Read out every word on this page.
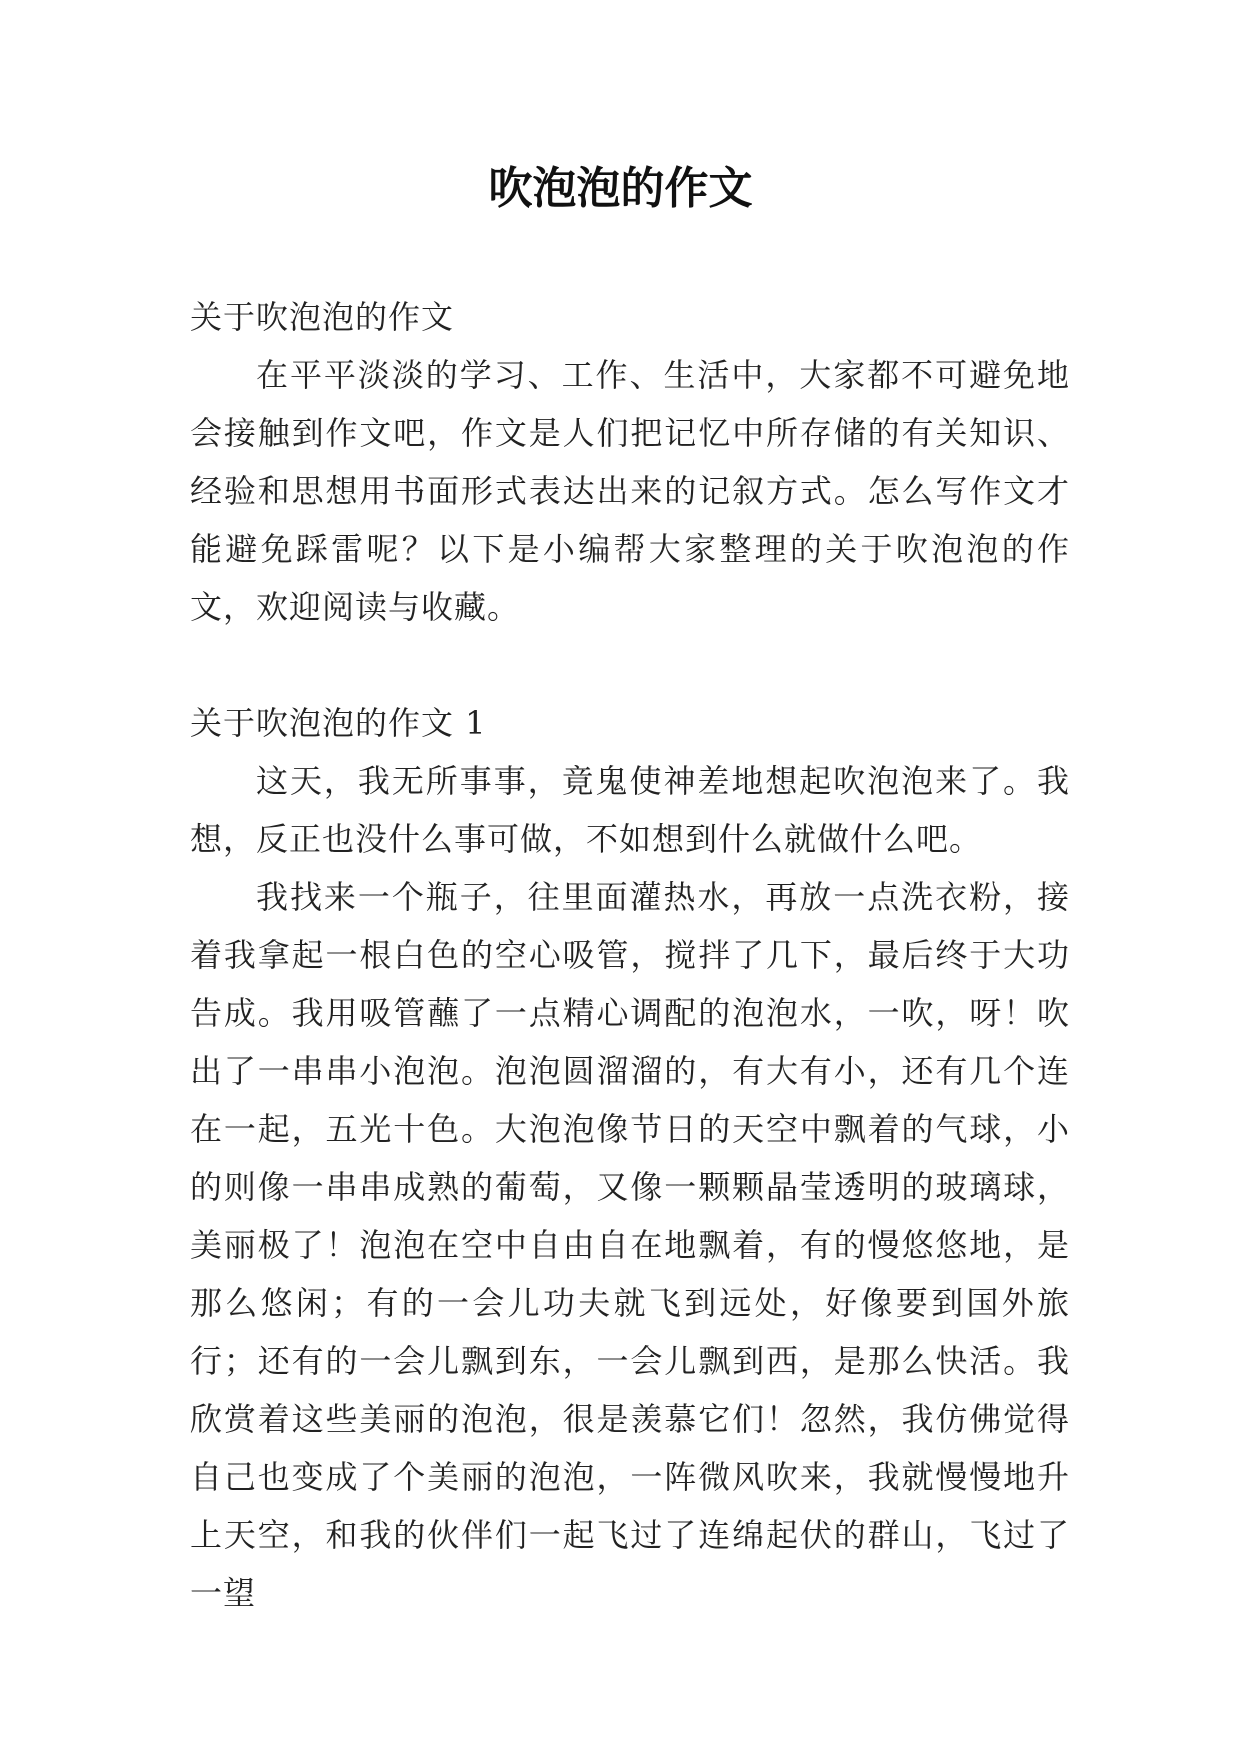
吹泡泡的作文

关于吹泡泡的作文

在平平淡淡的学习、工作、生活中，大家都不可避免地会接触到作文吧，作文是人们把记忆中所存储的有关知识、经验和思想用书面形式表达出来的记叙方式。怎么写作文才能避免踩雷呢？以下是小编帮大家整理的关于吹泡泡的作文，欢迎阅读与收藏。

关于吹泡泡的作文 1

这天，我无所事事，竟鬼使神差地想起吹泡泡来了。我想，反正也没什么事可做，不如想到什么就做什么吧。

我找来一个瓶子，往里面灌热水，再放一点洗衣粉，接着我拿起一根白色的空心吸管，搅拌了几下，最后终于大功告成。我用吸管蘸了一点精心调配的泡泡水，一吹，呀！吹出了一串串小泡泡。泡泡圆溜溜的，有大有小，还有几个连在一起，五光十色。大泡泡像节日的天空中飘着的气球，小的则像一串串成熟的葡萄，又像一颗颗晶莹透明的玻璃球，美丽极了！泡泡在空中自由自在地飘着，有的慢悠悠地，是那么悠闲；有的一会儿功夫就飞到远处，好像要到国外旅行；还有的一会儿飘到东，一会儿飘到西，是那么快活。我欣赏着这些美丽的泡泡，很是羡慕它们！忽然，我仿佛觉得自己也变成了个美丽的泡泡，一阵微风吹来，我就慢慢地升上天空，和我的伙伴们一起飞过了连绵起伏的群山，飞过了一望
